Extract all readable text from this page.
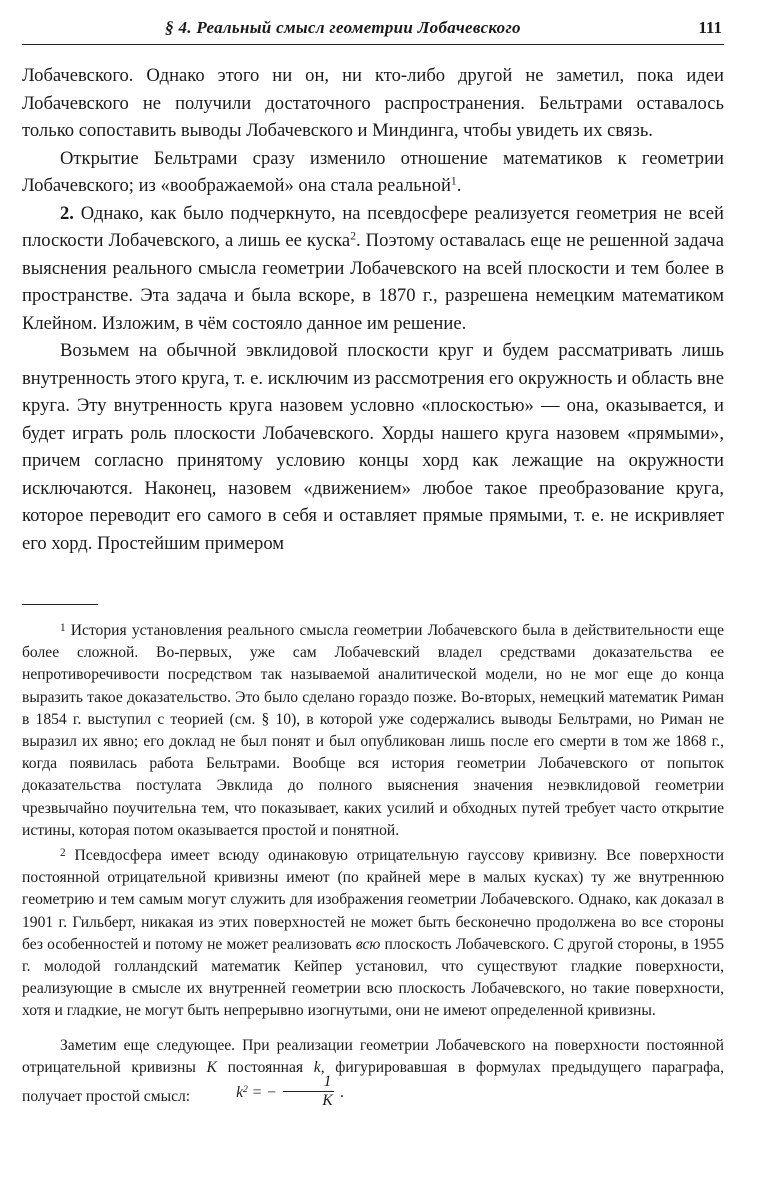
§ 4. Реальный смысл геометрии Лобачевского	111

Лобачевского. Однако этого ни он, ни кто-либо другой не заметил, пока идеи Лобачевского не получили достаточного распространения. Бельтрами оставалось только сопоставить выводы Лобачевского и Миндинга, чтобы увидеть их связь.

Открытие Бельтрами сразу изменило отношение математиков к геометрии Лобачевского; из «воображаемой» она стала реальной$^1$.

2. Однако, как было подчеркнуто, на псевдосфере реализуется геометрия не всей плоскости Лобачевского, а лишь ее куска$^2$. Поэтому оставалась еще не решенной задача выяснения реального смысла геометрии Лобачевского на всей плоскости и тем более в пространстве. Эта задача и была вскоре, в 1870 г., разрешена немецким математиком Клейном. Изложим, в чём состояло данное им решение.

Возьмем на обычной эвклидовой плоскости круг и будем рассматривать лишь внутренность этого круга, т. е. исключим из рассмотрения его окружность и область вне круга. Эту внутренность круга назовем условно «плоскостью» — она, оказывается, и будет играть роль плоскости Лобачевского. Хорды нашего круга назовем «прямыми», причем согласно принятому условию концы хорд как лежащие на окружности исключаются. Наконец, назовем «движением» любое такое преобразование круга, которое переводит его самого в себя и оставляет прямые прямыми, т. е. не искривляет его хорд. Простейшим примером

$^1$ История установления реального смысла геометрии Лобачевского была в действительности еще более сложной. Во-первых, уже сам Лобачевский владел средствами доказательства ее непротиворечивости посредством так называемой аналитической модели, но не мог еще до конца выразить такое доказательство. Это было сделано гораздо позже. Во-вторых, немецкий математик Риман в 1854 г. выступил с теорией (см. § 10), в которой уже содержались выводы Бельтрами, но Риман не выразил их явно; его доклад не был понят и был опубликован лишь после его смерти в том же 1868 г., когда появилась работа Бельтрами. Вообще вся история геометрии Лобачевского от попыток доказательства постулата Эвклида до полного выяснения значения неэвклидовой геометрии чрезвычайно поучительна тем, что показывает, каких усилий и обходных путей требует часто открытие истины, которая потом оказывается простой и понятной.

$^2$ Псевдосфера имеет всюду одинаковую отрицательную гауссову кривизну. Все поверхности постоянной отрицательной кривизны имеют (по крайней мере в малых кусках) ту же внутреннюю геометрию и тем самым могут служить для изображения геометрии Лобачевского. Однако, как доказал в 1901 г. Гильберт, никакая из этих поверхностей не может быть бесконечно продолжена во все стороны без особенностей и потому не может реализовать всю плоскость Лобачевского. С другой стороны, в 1955 г. молодой голландский математик Кейпер установил, что существуют гладкие поверхности, реализующие в смысле их внутренней геометрии всю плоскость Лобачевского, но такие поверхности, хотя и гладкие, не могут быть непрерывно изогнутыми, они не имеют определенной кривизны.

Заметим еще следующее. При реализации геометрии Лобачевского на поверхности постоянной отрицательной кривизны K постоянная k, фигурировавшая в формулах предыдущего параграфа, получает простой смысл:	$k^2$ = − $\frac{1}{K}$ .
